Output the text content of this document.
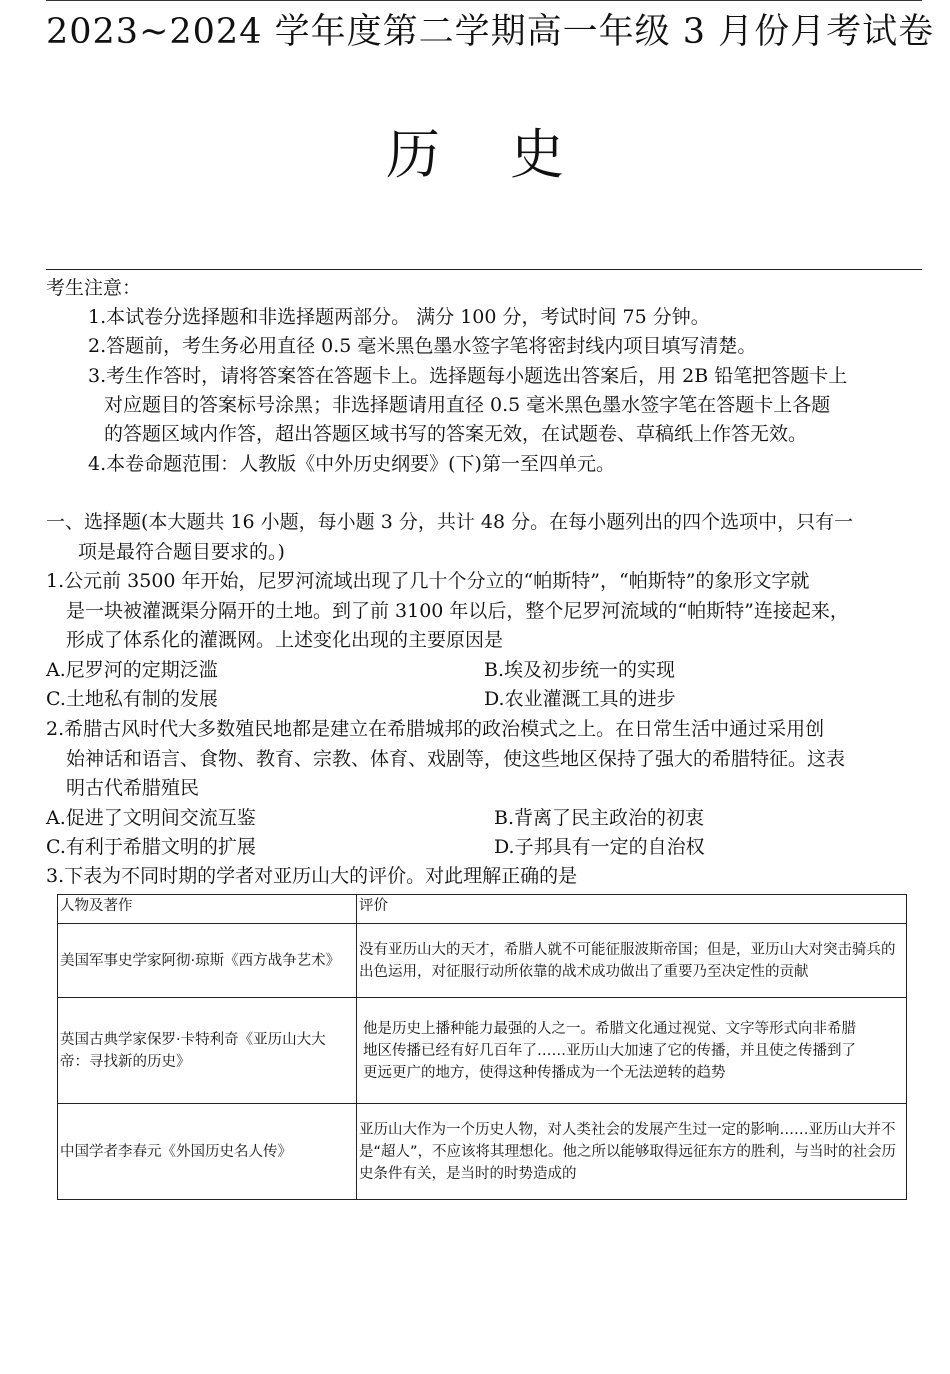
2023~2024 学年度第二学期高一年级 3 月份月考试卷
历史
考生注意：
1.本试卷分选择题和非选择题两部分。 满分 100 分，考试时间 75 分钟。
2.答题前，考生务必用直径 0.5 毫米黑色墨水签字笔将密封线内项目填写清楚。
3.考生作答时，请将答案答在答题卡上。选择题每小题选出答案后，用 2B 铅笔把答题卡上
对应题目的答案标号涂黑；非选择题请用直径 0.5 毫米黑色墨水签字笔在答题卡上各题
的答题区域内作答，超出答题区域书写的答案无效，在试题卷、草稿纸上作答无效。
4.本卷命题范围：人教版《中外历史纲要》(下)第一至四单元。
一、选择题(本大题共 16 小题，每小题 3 分，共计 48 分。在每小题列出的四个选项中，只有一
项是最符合题目要求的。)
1.公元前 3500 年开始，尼罗河流域出现了几十个分立的“帕斯特”，“帕斯特”的象形文字就
是一块被灌溉渠分隔开的土地。到了前 3100 年以后，整个尼罗河流域的“帕斯特”连接起来，
形成了体系化的灌溉网。上述变化出现的主要原因是
A.尼罗河的定期泛滥	B.埃及初步统一的实现
C.土地私有制的发展	D.农业灌溉工具的进步
2.希腊古风时代大多数殖民地都是建立在希腊城邦的政治模式之上。在日常生活中通过采用创
始神话和语言、食物、教育、宗教、体育、戏剧等，使这些地区保持了强大的希腊特征。这表
明古代希腊殖民
A.促进了文明间交流互鉴	B.背离了民主政治的初衷
C.有利于希腊文明的扩展	D.子邦具有一定的自治权
3.下表为不同时期的学者对亚历山大的评价。对此理解正确的是
人物及著作	评价
美国军事史学家阿彻·琼斯《西方战争艺术》	没有亚历山大的天才，希腊人就不可能征服波斯帝国；但是，亚历山大对突击骑兵的出色运用，对征服行动所依靠的战术成功做出了重要乃至决定性的贡献
英国古典学家保罗·卡特利奇《亚历山大大帝：寻找新的历史》	他是历史上播种能力最强的人之一。希腊文化通过视觉、文字等形式向非希腊地区传播已经有好几百年了……亚历山大加速了它的传播，并且使之传播到了更远更广的地方，使得这种传播成为一个无法逆转的趋势
中国学者李春元《外国历史名人传》	亚历山大作为一个历史人物，对人类社会的发展产生过一定的影响……亚历山大并不是“超人”，不应该将其理想化。他之所以能够取得远征东方的胜利，与当时的社会历史条件有关，是当时的时势造成的
